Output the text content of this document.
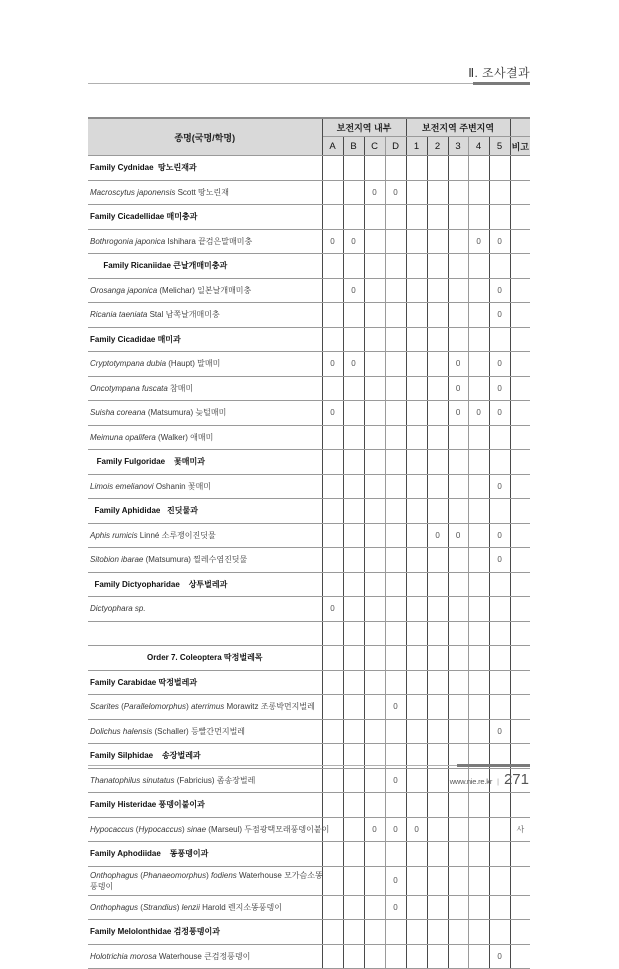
Ⅱ. 조사결과
종명(국명/학명)	보전지역 내부				보전지역 주변지역					
	A	B	C	D	1	2	3	4	5	비고
Family Cydnidae  땅노린재과										
Macroscytus japonensis Scott 땅노린재			0	0						
Family Cicadellidae 매미충과										
Bothrogonia japonica Ishihara 끝검은말매미충	0	0						0	0	
Family Ricaniidae 큰날개매미충과										
Orosanga japonica (Melichar) 일본날개매미충		0							0	
Ricania taeniata Stal 남쪽날개매미충									0	
Family Cicadidae 매미과										
Cryptotympana dubia (Haupt) 말매미	0	0					0		0	
Oncotympana fuscata 참매미							0		0	
Suisha coreana (Matsumura) 늦털매미	0						0	0	0	
Meimuna opalifera (Walker) 애매미										
Family Fulgoridae    꽃매미과										
Limois emelianovi Oshanin 꽃매미									0	
Family Aphididae   진딧물과										
Aphis rumicis Linné 소루쟁이진딧물						0	0		0	
Sitobion ibarae (Matsumura) 찔레수염진딧물									0	
Family Dictyopharidae    상투벌레과										
Dictyophara sp.	0									

Order 7. Coleoptera 딱정벌레목										
Family Carabidae 딱정벌레과										
Scarites (Parallelomorphus) aterrimus Morawitz 조롱박먼지벌레				0						
Dolichus halensis (Schaller) 등빨간먼지벌레									0	
Family Silphidae    송장벌레과										
Thanatophilus sinutatus (Fabricius) 좀송장벌레				0						
Family Histeridae 풍뎅이붙이과										
Hypocaccus (Hypocaccus) sinae (Marseul) 두점광택모래풍뎅이붙이			0	0	0					사
Family Aphodiidae    똥풍뎅이과										
Onthophagus (Phanaeomorphus) fodiens Waterhouse 모가슴소똥
풍뎅이				0						
Onthophagus (Strandius) lenzii Harold 렌지소똥풍뎅이				0						
Family Melolonthidae 검정풍뎅이과										
Holotrichia morosa Waterhouse 큰검정풍뎅이									0	
www.nie.re.kr | 271
